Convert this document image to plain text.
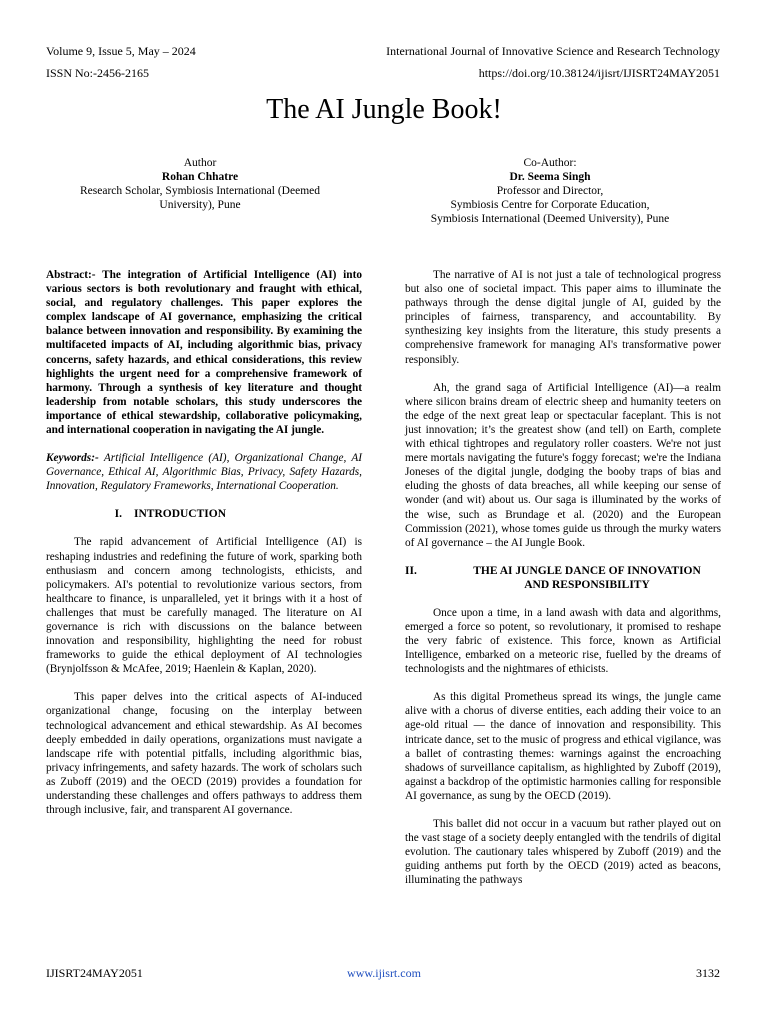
Volume 9, Issue 5, May – 2024	International Journal of Innovative Science and Research Technology
ISSN No:-2456-2165	https://doi.org/10.38124/ijisrt/IJISRT24MAY2051
The AI Jungle Book!
Author
Rohan Chhatre
Research Scholar, Symbiosis International (Deemed
University), Pune
Co-Author:
Dr. Seema Singh
Professor and Director,
Symbiosis Centre for Corporate Education,
Symbiosis International (Deemed University), Pune

Abstract:- The integration of Artificial Intelligence (AI) into various sectors is both revolutionary and fraught with ethical, social, and regulatory challenges. This paper explores the complex landscape of AI governance, emphasizing the critical balance between innovation and responsibility. By examining the multifaceted impacts of AI, including algorithmic bias, privacy concerns, safety hazards, and ethical considerations, this review highlights the urgent need for a comprehensive framework of harmony. Through a synthesis of key literature and thought leadership from notable scholars, this study underscores the importance of ethical stewardship, collaborative policymaking, and international cooperation in navigating the AI jungle.

Keywords:- Artificial Intelligence (AI), Organizational Change, AI Governance, Ethical AI, Algorithmic Bias, Privacy, Safety Hazards, Innovation, Regulatory Frameworks, International Cooperation.

I.	INTRODUCTION

The rapid advancement of Artificial Intelligence (AI) is reshaping industries and redefining the future of work, sparking both enthusiasm and concern among technologists, ethicists, and policymakers. AI's potential to revolutionize various sectors, from healthcare to finance, is unparalleled, yet it brings with it a host of challenges that must be carefully managed. The literature on AI governance is rich with discussions on the balance between innovation and responsibility, highlighting the need for robust frameworks to guide the ethical deployment of AI technologies (Brynjolfsson & McAfee, 2019; Haenlein & Kaplan, 2020).

This paper delves into the critical aspects of AI-induced organizational change, focusing on the interplay between technological advancement and ethical stewardship. As AI becomes deeply embedded in daily operations, organizations must navigate a landscape rife with potential pitfalls, including algorithmic bias, privacy infringements, and safety hazards. The work of scholars such as Zuboff (2019) and the OECD (2019) provides a foundation for understanding these challenges and offers pathways to address them through inclusive, fair, and transparent AI governance.

The narrative of AI is not just a tale of technological progress but also one of societal impact. This paper aims to illuminate the pathways through the dense digital jungle of AI, guided by the principles of fairness, transparency, and accountability. By synthesizing key insights from the literature, this study presents a comprehensive framework for managing AI's transformative power responsibly.

Ah, the grand saga of Artificial Intelligence (AI)—a realm where silicon brains dream of electric sheep and humanity teeters on the edge of the next great leap or spectacular faceplant. This is not just innovation; it’s the greatest show (and tell) on Earth, complete with ethical tightropes and regulatory roller coasters. We're not just mere mortals navigating the future's foggy forecast; we're the Indiana Joneses of the digital jungle, dodging the booby traps of bias and eluding the ghosts of data breaches, all while keeping our sense of wonder (and wit) about us. Our saga is illuminated by the works of the wise, such as Brundage et al. (2020) and the European Commission (2021), whose tomes guide us through the murky waters of AI governance – the AI Jungle Book.

II.	THE AI JUNGLE DANCE OF INNOVATION
AND RESPONSIBILITY

Once upon a time, in a land awash with data and algorithms, emerged a force so potent, so revolutionary, it promised to reshape the very fabric of existence. This force, known as Artificial Intelligence, embarked on a meteoric rise, fuelled by the dreams of technologists and the nightmares of ethicists.

As this digital Prometheus spread its wings, the jungle came alive with a chorus of diverse entities, each adding their voice to an age-old ritual — the dance of innovation and responsibility. This intricate dance, set to the music of progress and ethical vigilance, was a ballet of contrasting themes: warnings against the encroaching shadows of surveillance capitalism, as highlighted by Zuboff (2019), against a backdrop of the optimistic harmonies calling for responsible AI governance, as sung by the OECD (2019).

This ballet did not occur in a vacuum but rather played out on the vast stage of a society deeply entangled with the tendrils of digital evolution. The cautionary tales whispered by Zuboff (2019) and the guiding anthems put forth by the OECD (2019) acted as beacons, illuminating the pathways

IJISRT24MAY2051	www.ijisrt.com	3132
